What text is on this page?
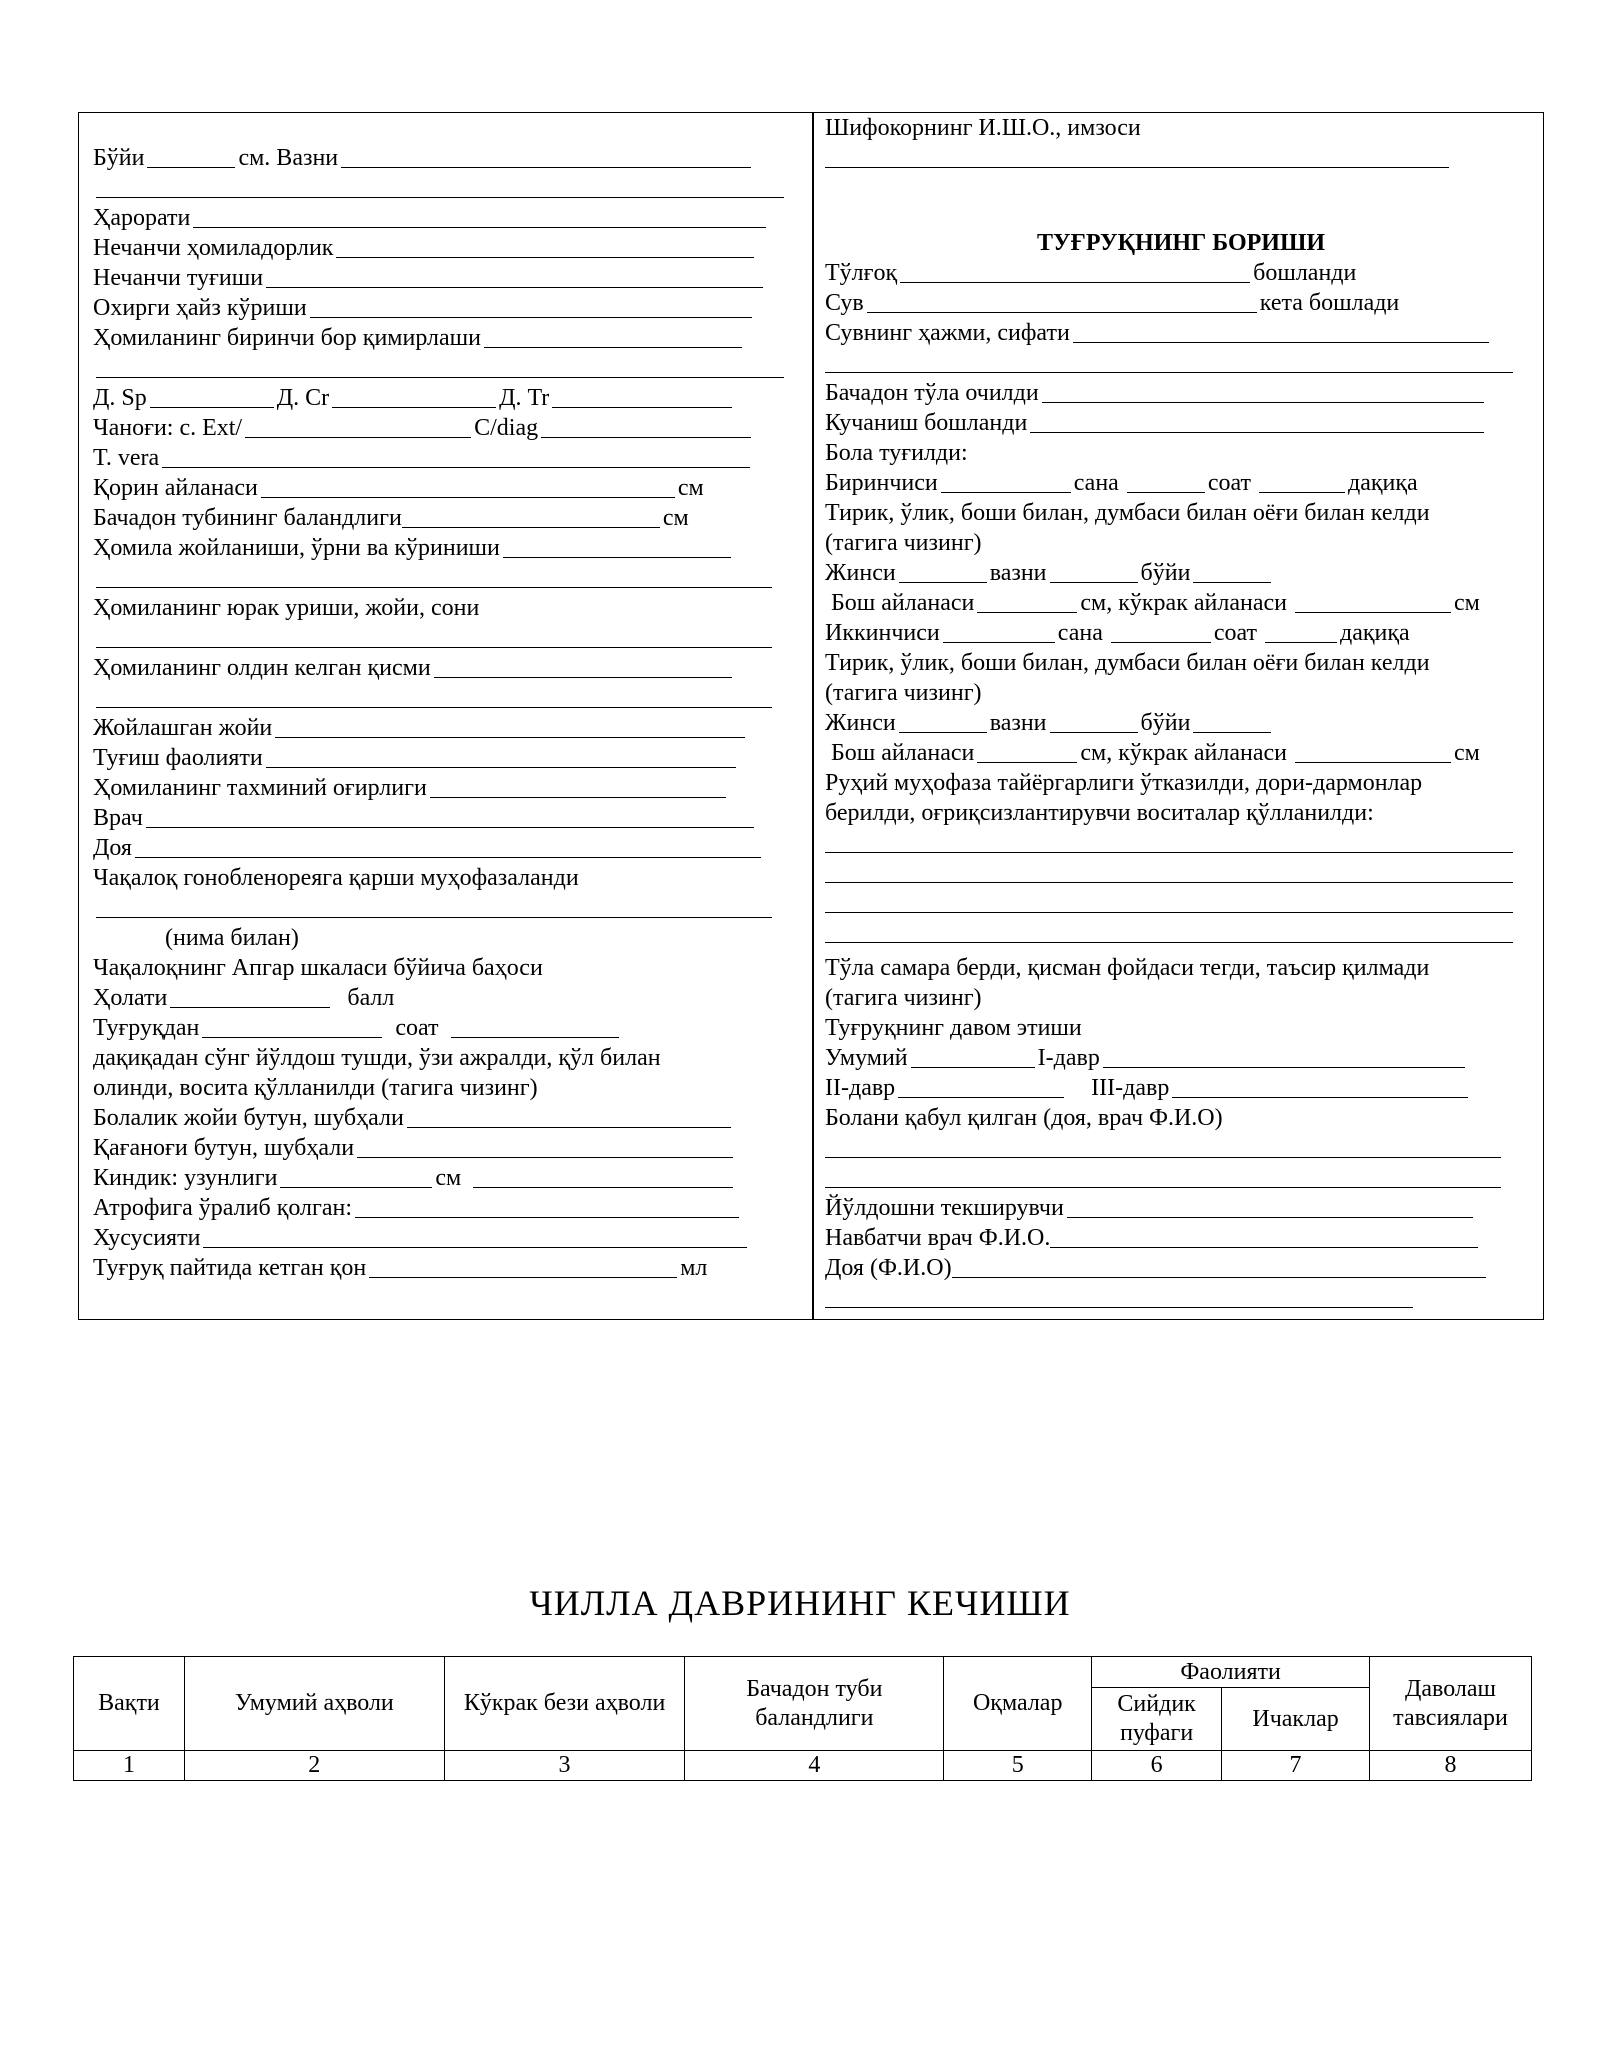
Бўйи	см. Вазни
Ҳарорати
Нечанчи ҳомиладорлик
Нечанчи туғиши
Охирги ҳайз кўриши
Ҳомиланинг биринчи бор қимирлаши
Д. Sp	Д. Cr	Д. Tr
Чаноғи: c. Ext/	C/diag
T. vera
Қорин айланаси	см
Бачадон тубининг баландлиги	см
Ҳомила жойланиши, ўрни ва кўриниши
Ҳомиланинг юрак уриши, жойи, сони
Ҳомиланинг олдин келган қисми
Жойлашган жойи
Туғиш фаолияти
Ҳомиланинг тахминий оғирлиги
Врач
Доя
Чақалоқ гонобленореяга қарши муҳофазаланди
(нима билан)
Чақалоқнинг Апгар шкаласи бўйича баҳоси
Ҳолати	балл
Туғруқдан	соат
дақиқадан сўнг йўлдош тушди, ўзи ажралди, қўл билан
олинди, восита қўлланилди (тагига чизинг)
Болалик жойи бутун, шубҳали
Қағаноғи бутун, шубҳали
Киндик: узунлиги	см
Атрофига ўралиб қолган:
Хусусияти
Туғруқ пайтида кетган қон	мл
Шифокорнинг И.Ш.О., имзоси
ТУҒРУҚНИНГ БОРИШИ
Тўлғоқ	бошланди
Сув	кета бошлади
Сувнинг ҳажми, сифати
Бачадон тўла очилди
Кучаниш бошланди
Бола туғилди:
Биринчиси	сана	соат	дақиқа
Тирик, ўлик, боши билан, думбаси билан оёғи билан келди
(тагига чизинг)
Жинси	вазни	бўйи
Бош айланаси	см, кўкрак айланаси	см
Иккинчиси	сана	соат	дақиқа
Тирик, ўлик, боши билан, думбаси билан оёғи билан келди
(тагига чизинг)
Жинси	вазни	бўйи
Бош айланаси	см, кўкрак айланаси	см
Руҳий муҳофаза тайёргарлиги ўтказилди, дори-дармонлар
берилди, оғриқсизлантирувчи воситалар қўлланилди:
Тўла самара берди, қисман фойдаси тегди, таъсир қилмади
(тагига чизинг)
Туғруқнинг давом этиши
Умумий	I-давр
II-давр	III-давр
Болани қабул қилган (доя, врач Ф.И.О)
Йўлдошни текширувчи
Навбатчи врач Ф.И.О.
Доя (Ф.И.О)
ЧИЛЛА ДАВРИНИНГ КЕЧИШИ
Вақти	Умумий аҳволи	Кўкрак бези аҳволи	Бачадон туби баландлиги	Оқмалар	Фаолияти		Даволаш тавсиялари
					Сийдик пуфаги	Ичаклар	
1	2	3	4	5	6	7	8
